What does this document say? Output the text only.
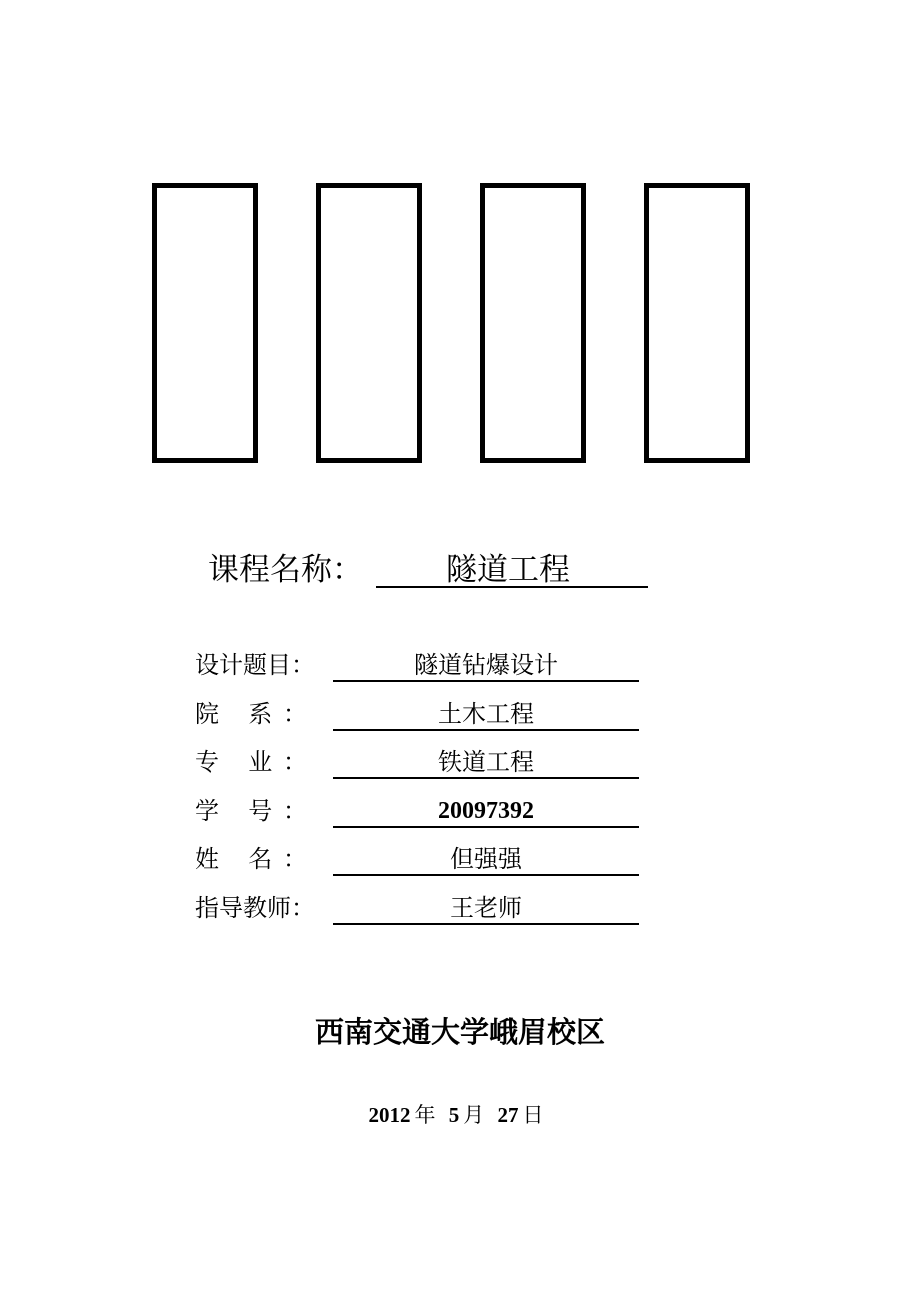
课程名称：	隧道工程
设计题目：	隧道钻爆设计
院 系：	土木工程
专 业：	铁道工程
学 号：	20097392
姓 名：	但强强
指导教师：	王老师
西南交通大学峨眉校区
2012 年 5 月 27 日
